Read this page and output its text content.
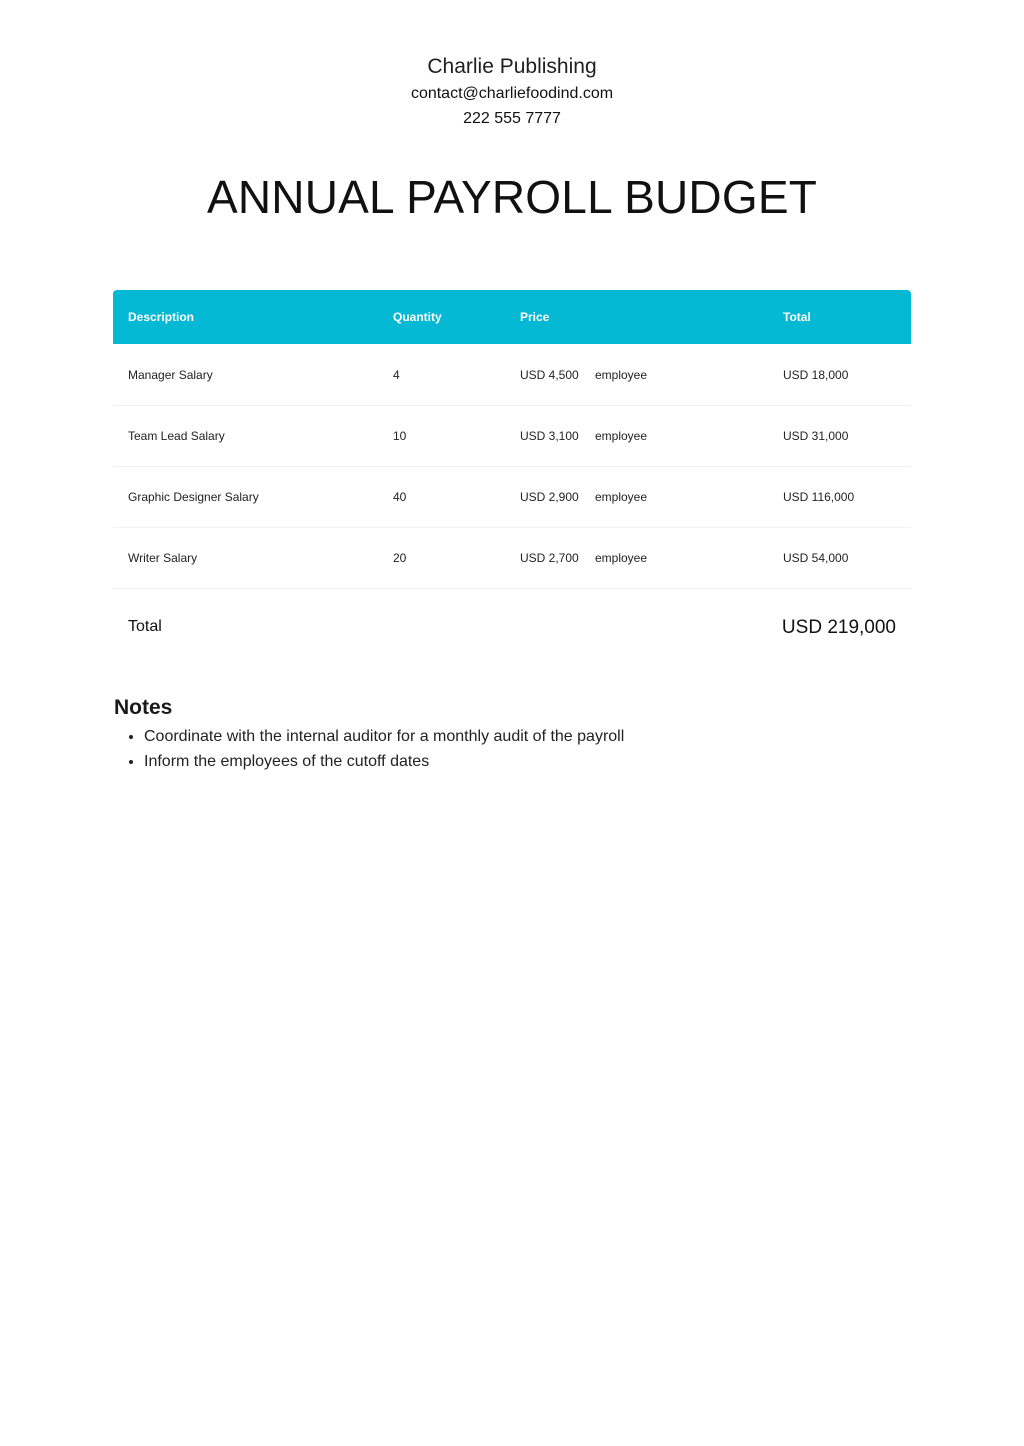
Charlie Publishing
contact@charliefoodind.com
222 555 7777
ANNUAL PAYROLL BUDGET
Description	Quantity	Price	Total
Manager Salary	4	USD 4,500 employee	USD 18,000
Team Lead Salary	10	USD 3,100 employee	USD 31,000
Graphic Designer Salary	40	USD 2,900 employee	USD 116,000
Writer Salary	20	USD 2,700 employee	USD 54,000
Total	USD 219,000
Notes
• Coordinate with the internal auditor for a monthly audit of the payroll
• Inform the employees of the cutoff dates
